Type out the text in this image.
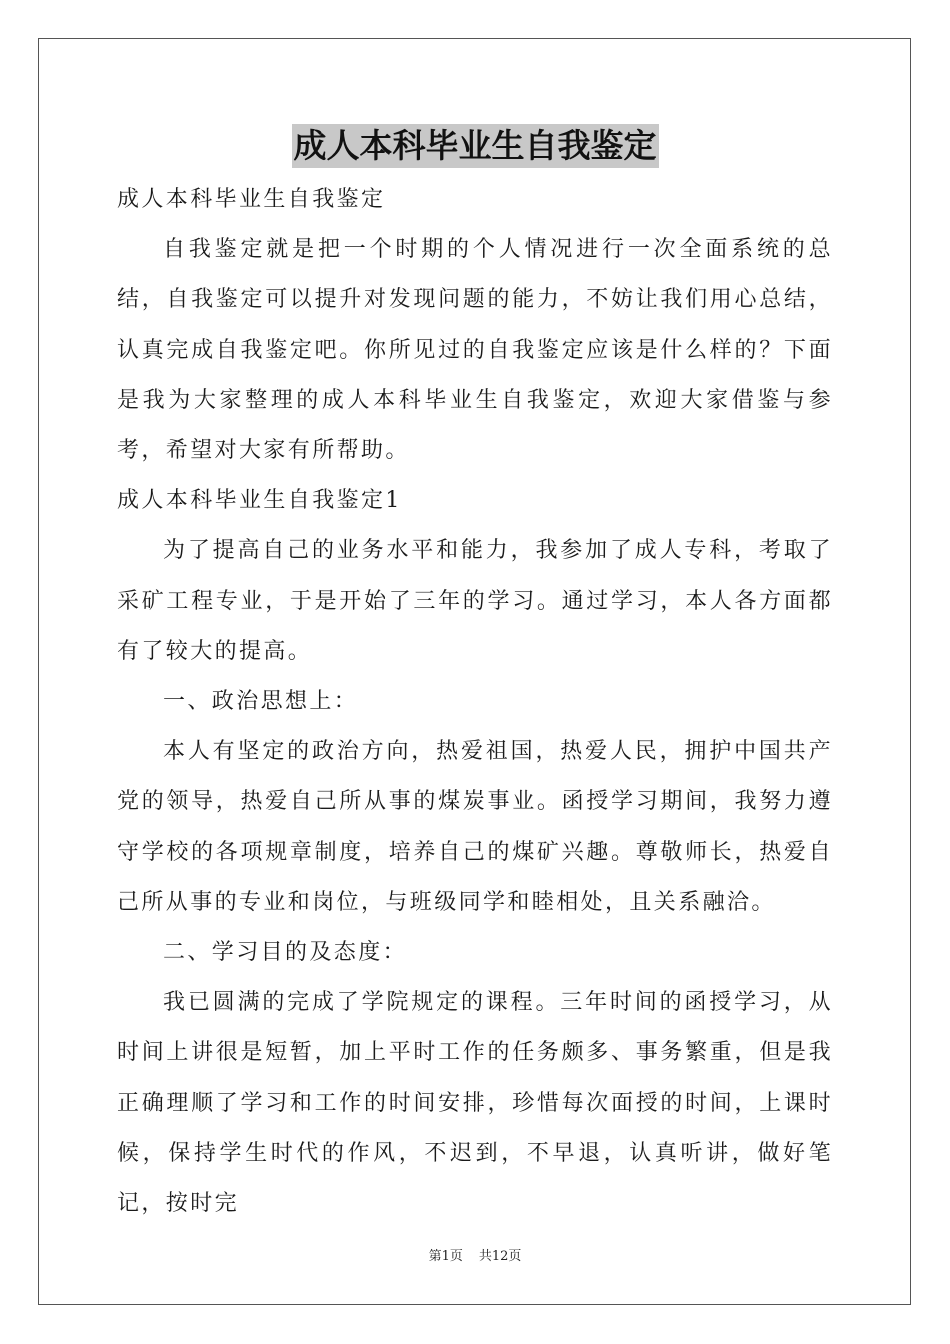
成人本科毕业生自我鉴定

成人本科毕业生自我鉴定

自我鉴定就是把一个时期的个人情况进行一次全面系统的总结，自我鉴定可以提升对发现问题的能力，不妨让我们用心总结，认真完成自我鉴定吧。你所见过的自我鉴定应该是什么样的？下面是我为大家整理的成人本科毕业生自我鉴定，欢迎大家借鉴与参考，希望对大家有所帮助。

成人本科毕业生自我鉴定1

为了提高自己的业务水平和能力，我参加了成人专科，考取了采矿工程专业，于是开始了三年的学习。通过学习，本人各方面都有了较大的提高。

一、政治思想上：

本人有坚定的政治方向，热爱祖国，热爱人民，拥护中国共产党的领导，热爱自己所从事的煤炭事业。函授学习期间，我努力遵守学校的各项规章制度，培养自己的煤矿兴趣。尊敬师长，热爱自己所从事的专业和岗位，与班级同学和睦相处，且关系融洽。

二、学习目的及态度：

我已圆满的完成了学院规定的课程。三年时间的函授学习，从时间上讲很是短暂，加上平时工作的任务颇多、事务繁重，但是我正确理顺了学习和工作的时间安排，珍惜每次面授的时间，上课时候，保持学生时代的作风，不迟到，不早退，认真听讲，做好笔记，按时完

第1页 共12页
